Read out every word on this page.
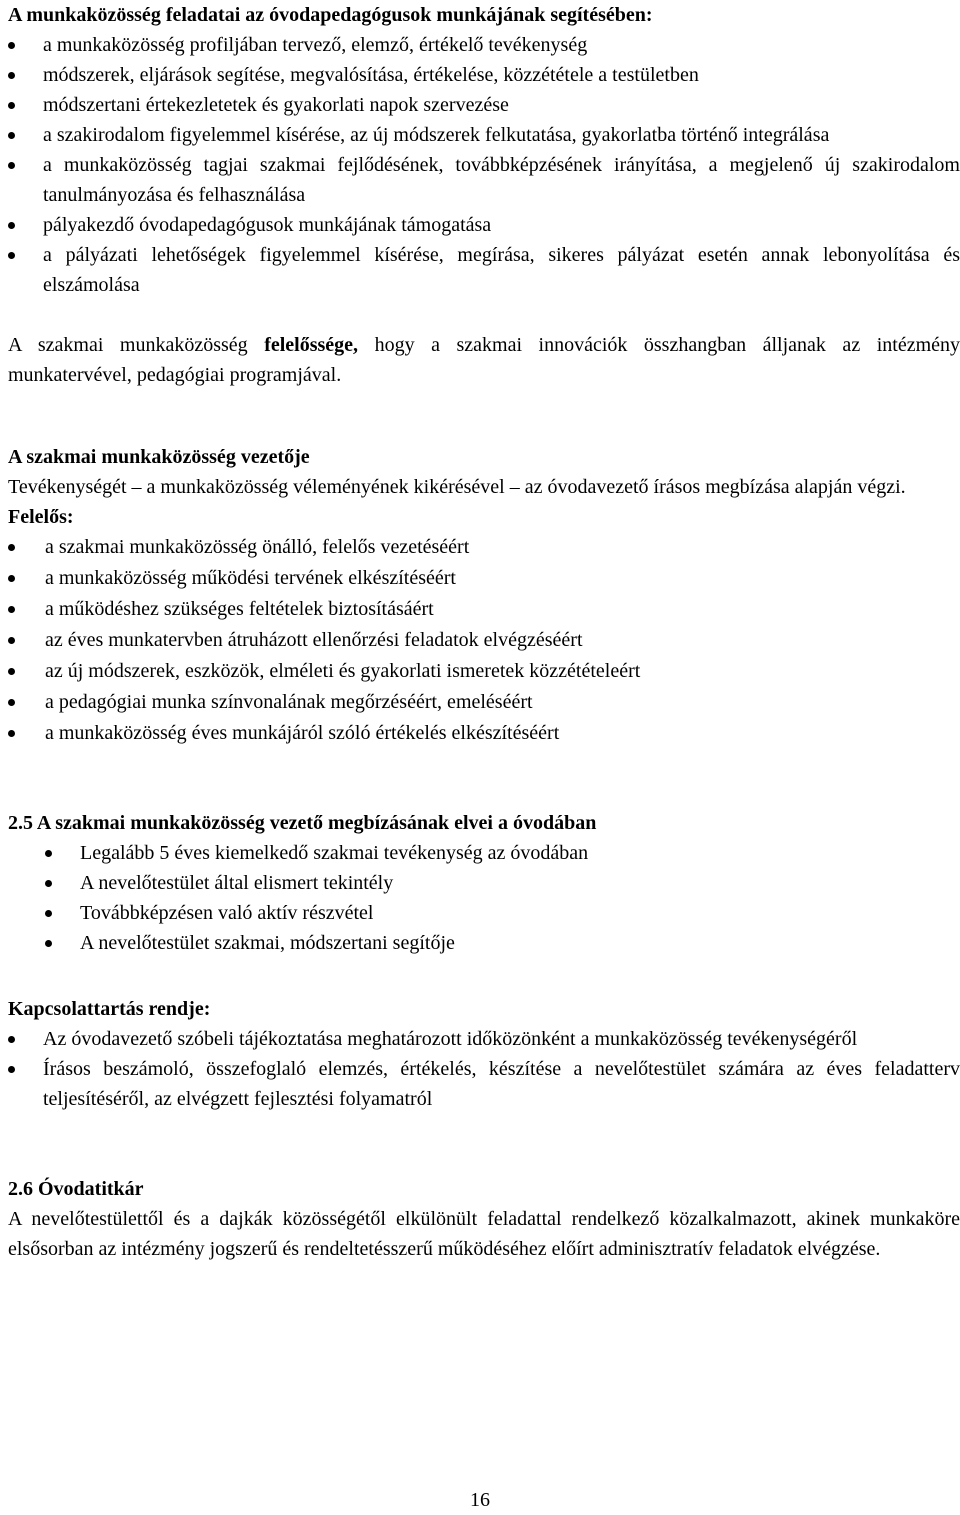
A munkaközösség feladatai az óvodapedagógusok munkájának segítésében:

a munkaközösség profiljában tervező, elemző, értékelő tevékenység
módszerek, eljárások segítése, megvalósítása, értékelése, közzététele a testületben
módszertani értekezletetek és gyakorlati napok szervezése
a szakirodalom figyelemmel kísérése, az új módszerek felkutatása, gyakorlatba történő integrálása
a munkaközösség tagjai szakmai fejlődésének, továbbképzésének irányítása, a megjelenő új szakirodalom tanulmányozása és felhasználása
pályakezdő óvodapedagógusok munkájának támogatása
a pályázati lehetőségek figyelemmel kísérése, megírása, sikeres pályázat esetén annak lebonyolítása és elszámolása

A szakmai munkaközösség felelőssége, hogy a szakmai innovációk összhangban álljanak az intézmény munkatervével, pedagógiai programjával.

A szakmai munkaközösség vezetője

Tevékenységét – a munkaközösség véleményének kikérésével – az óvodavezető írásos megbízása alapján végzi.

Felelős:

a szakmai munkaközösség önálló, felelős vezetéséért
a munkaközösség működési tervének elkészítéséért
a működéshez szükséges feltételek biztosításáért
az éves munkatervben átruházott ellenőrzési feladatok elvégzéséért
az új módszerek, eszközök, elméleti és gyakorlati ismeretek közzétételeért
a pedagógiai munka színvonalának megőrzéséért, emeléséért
a munkaközösség éves munkájáról szóló értékelés elkészítéséért

2.5 A szakmai munkaközösség vezető megbízásának elvei a óvodában

Legalább 5 éves kiemelkedő szakmai tevékenység az óvodában
A nevelőtestület által elismert tekintély
Továbbképzésen való aktív részvétel
A nevelőtestület szakmai, módszertani segítője

Kapcsolattartás rendje:

Az óvodavezető szóbeli tájékoztatása meghatározott időközönként a munkaközösség tevékenységéről
Írásos beszámoló, összefoglaló elemzés, értékelés, készítése a nevelőtestület számára az éves feladatterv teljesítéséről, az elvégzett fejlesztési folyamatról

2.6 Óvodatitkár

A nevelőtestülettől és a dajkák közösségétől elkülönült feladattal rendelkező közalkalmazott, akinek munkaköre elsősorban az intézmény jogszerű és rendeltetésszerű működéséhez előírt adminisztratív feladatok elvégzése.

16
